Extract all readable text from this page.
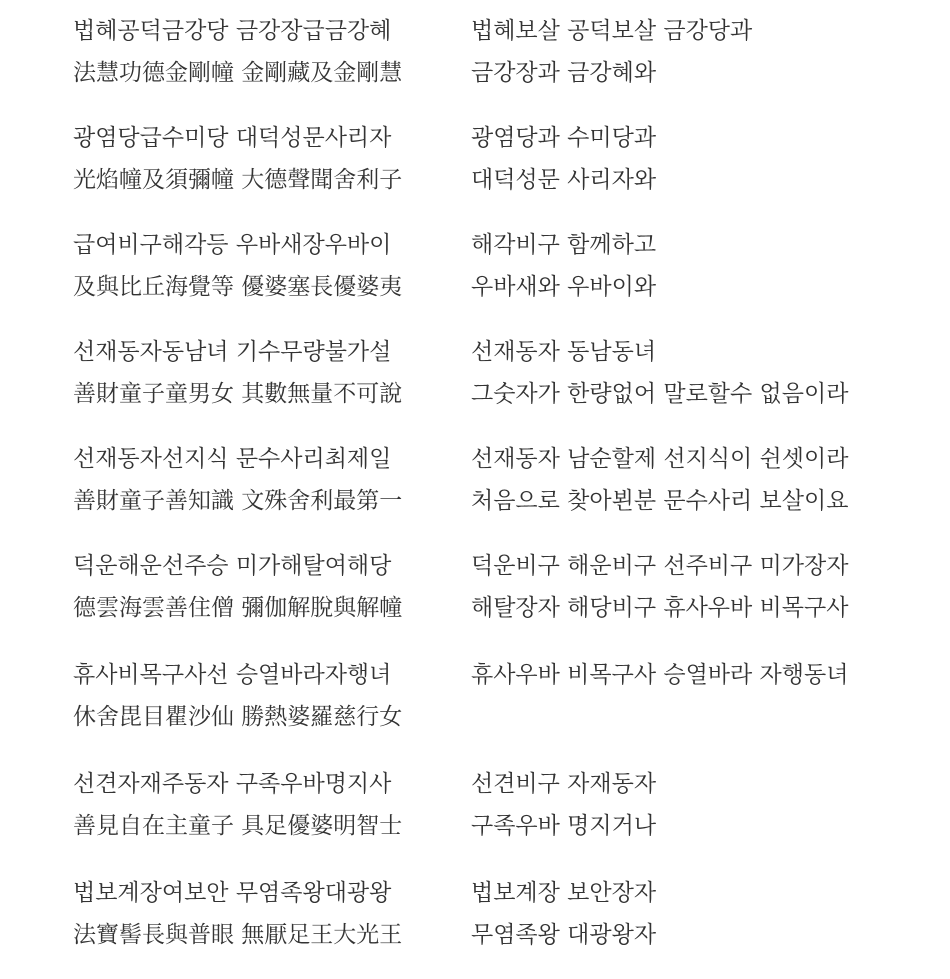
법혜공덕금강당 금강장급금강혜
法慧功德金剛幢 金剛藏及金剛慧
법혜보살 공덕보살 금강당과
금강장과 금강혜와
광염당급수미당 대덕성문사리자
光焰幢及須彌幢 大德聲聞舍利子
광염당과 수미당과
대덕성문 사리자와
급여비구해각등 우바새장우바이
及與比丘海覺等 優婆塞長優婆夷
해각비구 함께하고
우바새와 우바이와
선재동자동남녀 기수무량불가설
善財童子童男女 其數無量不可說
선재동자 동남동녀
그숫자가 한량없어 말로할수 없음이라
선재동자선지식 문수사리최제일
善財童子善知識 文殊舍利最第一
선재동자 남순할제 선지식이 쉰셋이라
처음으로 찾아뵌분 문수사리 보살이요
덕운해운선주승 미가해탈여해당
德雲海雲善住僧 彌伽解脫與解幢
덕운비구 해운비구 선주비구 미가장자
해탈장자 해당비구 휴사우바 비목구사
휴사비목구사선 승열바라자행녀
休舍毘目瞿沙仙 勝熱婆羅慈行女
휴사우바 비목구사 승열바라 자행동녀
선견자재주동자 구족우바명지사
善見自在主童子 具足優婆明智士
선견비구 자재동자
구족우바 명지거나
법보계장여보안 무염족왕대광왕
法寶髻長與普眼 無厭足王大光王
법보계장 보안장자
무염족왕 대광왕자
